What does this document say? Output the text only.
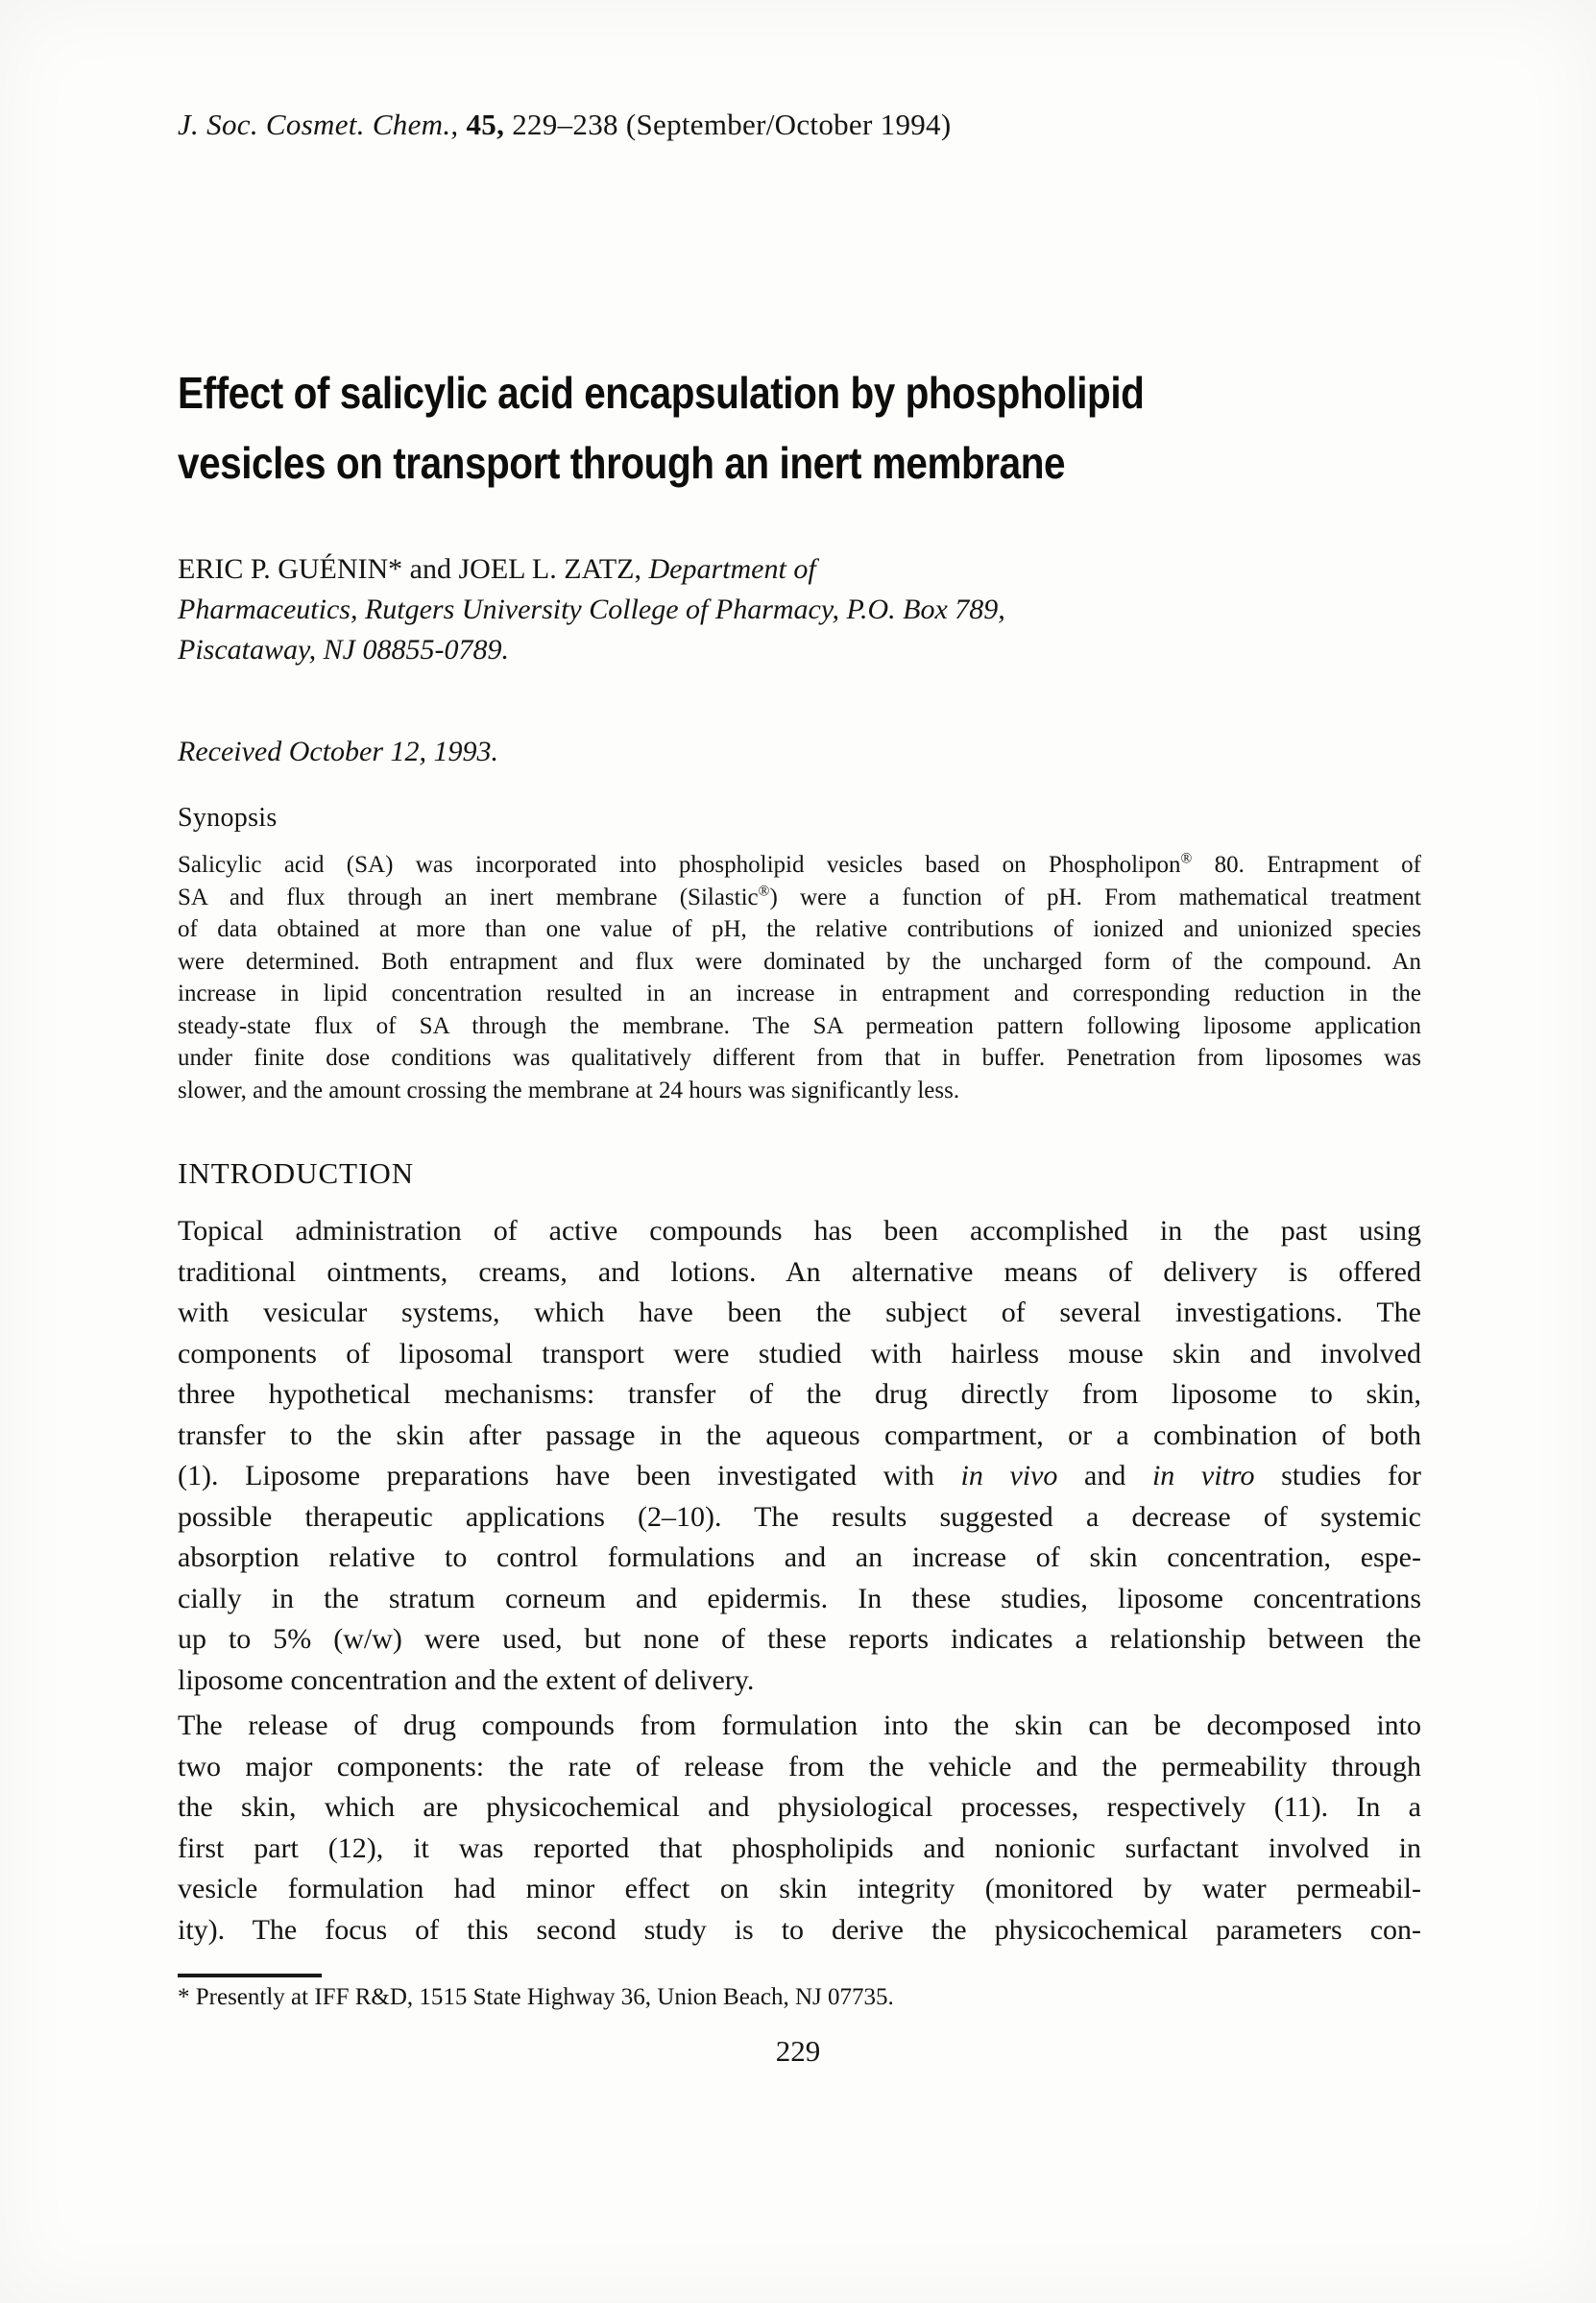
J. Soc. Cosmet. Chem., 45, 229–238 (September/October 1994)
Effect of salicylic acid encapsulation by phospholipid
vesicles on transport through an inert membrane
ERIC P. GUÉNIN* and JOEL L. ZATZ, Department of
Pharmaceutics, Rutgers University College of Pharmacy, P.O. Box 789,
Piscataway, NJ 08855-0789.
Received October 12, 1993.
Synopsis
Salicylic acid (SA) was incorporated into phospholipid vesicles based on Phospholipon® 80. Entrapment of
SA and flux through an inert membrane (Silastic®) were a function of pH. From mathematical treatment
of data obtained at more than one value of pH, the relative contributions of ionized and unionized species
were determined. Both entrapment and flux were dominated by the uncharged form of the compound. An
increase in lipid concentration resulted in an increase in entrapment and corresponding reduction in the
steady-state flux of SA through the membrane. The SA permeation pattern following liposome application
under finite dose conditions was qualitatively different from that in buffer. Penetration from liposomes was
slower, and the amount crossing the membrane at 24 hours was significantly less.
INTRODUCTION
Topical administration of active compounds has been accomplished in the past using
traditional ointments, creams, and lotions. An alternative means of delivery is offered
with vesicular systems, which have been the subject of several investigations. The
components of liposomal transport were studied with hairless mouse skin and involved
three hypothetical mechanisms: transfer of the drug directly from liposome to skin,
transfer to the skin after passage in the aqueous compartment, or a combination of both
(1). Liposome preparations have been investigated with in vivo and in vitro studies for
possible therapeutic applications (2–10). The results suggested a decrease of systemic
absorption relative to control formulations and an increase of skin concentration, espe-
cially in the stratum corneum and epidermis. In these studies, liposome concentrations
up to 5% (w/w) were used, but none of these reports indicates a relationship between the
liposome concentration and the extent of delivery.
The release of drug compounds from formulation into the skin can be decomposed into
two major components: the rate of release from the vehicle and the permeability through
the skin, which are physicochemical and physiological processes, respectively (11). In a
first part (12), it was reported that phospholipids and nonionic surfactant involved in
vesicle formulation had minor effect on skin integrity (monitored by water permeabil-
ity). The focus of this second study is to derive the physicochemical parameters con-
* Presently at IFF R&D, 1515 State Highway 36, Union Beach, NJ 07735.
229
